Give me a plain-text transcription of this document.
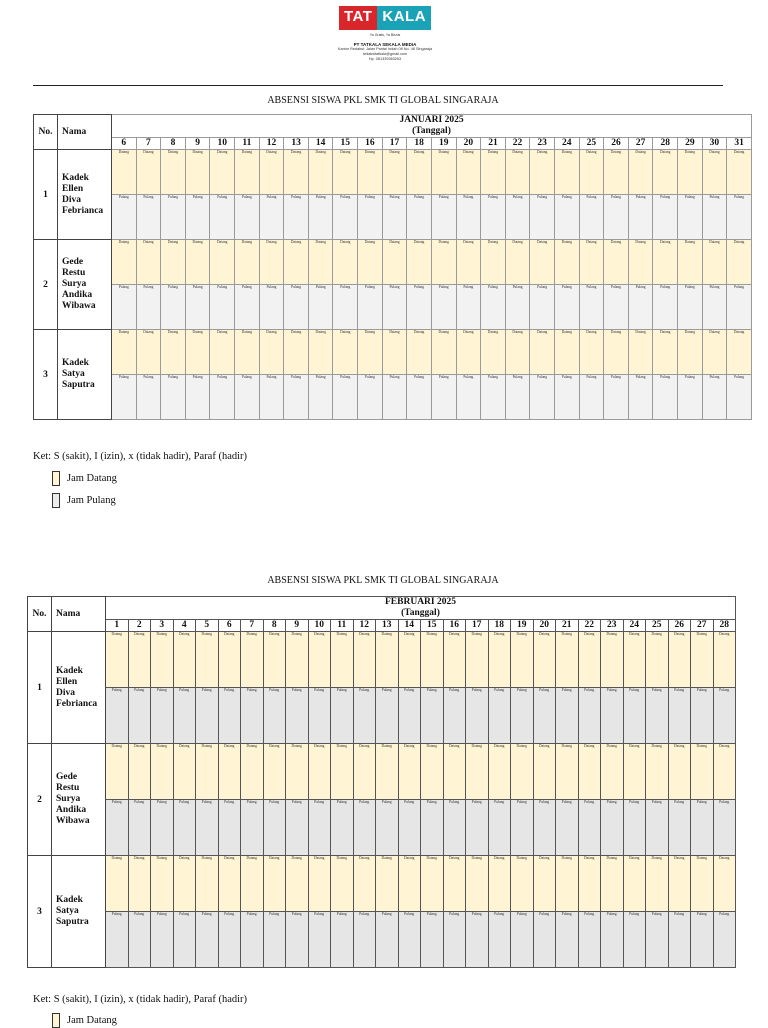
TAT KALA
Ya Gratis, Ya Bisnis
PT TATKALA SEKALA MEDIA
Kantor Redaksi: Jalan Pantai Indah 08 No. 46 Singaraja
redaksitatkala@gmail.com
Hp. 081339363263
ABSENSI SISWA PKL SMK TI GLOBAL SINGARAJA
No.	Nama	JANUARI 2025
(Tanggal)																									

		6	7	8	9	10	11	12	13	14	15	16	17	18	19	20	21	22	23	24	25	26	27	28	29	30	31
1	Kadek
Ellen
Diva
Febrianca	Datang	Datang	Datang	Datang	Datang	Datang	Datang	Datang	Datang	Datang	Datang	Datang	Datang	Datang	Datang	Datang	Datang	Datang	Datang	Datang	Datang	Datang	Datang	Datang	Datang	Datang

		Pulang	Pulang	Pulang	Pulang	Pulang	Pulang	Pulang	Pulang	Pulang	Pulang	Pulang	Pulang	Pulang	Pulang	Pulang	Pulang	Pulang	Pulang	Pulang	Pulang	Pulang	Pulang	Pulang	Pulang	Pulang	Pulang

2	Gede
Restu
Surya
Andika
Wibawa	Datang	Datang	Datang	Datang	Datang	Datang	Datang	Datang	Datang	Datang	Datang	Datang	Datang	Datang	Datang	Datang	Datang	Datang	Datang	Datang	Datang	Datang	Datang	Datang	Datang	Datang

		Pulang	Pulang	Pulang	Pulang	Pulang	Pulang	Pulang	Pulang	Pulang	Pulang	Pulang	Pulang	Pulang	Pulang	Pulang	Pulang	Pulang	Pulang	Pulang	Pulang	Pulang	Pulang	Pulang	Pulang	Pulang	Pulang

3	Kadek
Satya
Saputra	Datang	Datang	Datang	Datang	Datang	Datang	Datang	Datang	Datang	Datang	Datang	Datang	Datang	Datang	Datang	Datang	Datang	Datang	Datang	Datang	Datang	Datang	Datang	Datang	Datang	Datang

		Pulang	Pulang	Pulang	Pulang	Pulang	Pulang	Pulang	Pulang	Pulang	Pulang	Pulang	Pulang	Pulang	Pulang	Pulang	Pulang	Pulang	Pulang	Pulang	Pulang	Pulang	Pulang	Pulang	Pulang	Pulang	Pulang
Ket: S (sakit), I (izin), x (tidak hadir), Paraf (hadir)
Jam Datang
Jam Pulang
ABSENSI SISWA PKL SMK TI GLOBAL SINGARAJA
No.	Nama	FEBRUARI 2025
(Tanggal)																											

		1	2	3	4	5	6	7	8	9	10	11	12	13	14	15	16	17	18	19	20	21	22	23	24	25	26	27	28
1	Kadek
Ellen
Diva
Febrianca	Datang	Datang	Datang	Datang	Datang	Datang	Datang	Datang	Datang	Datang	Datang	Datang	Datang	Datang	Datang	Datang	Datang	Datang	Datang	Datang	Datang	Datang	Datang	Datang	Datang	Datang	Datang	Datang

		Pulang	Pulang	Pulang	Pulang	Pulang	Pulang	Pulang	Pulang	Pulang	Pulang	Pulang	Pulang	Pulang	Pulang	Pulang	Pulang	Pulang	Pulang	Pulang	Pulang	Pulang	Pulang	Pulang	Pulang	Pulang	Pulang	Pulang	Pulang

2	Gede
Restu
Surya
Andika
Wibawa	Datang	Datang	Datang	Datang	Datang	Datang	Datang	Datang	Datang	Datang	Datang	Datang	Datang	Datang	Datang	Datang	Datang	Datang	Datang	Datang	Datang	Datang	Datang	Datang	Datang	Datang	Datang	Datang

		Pulang	Pulang	Pulang	Pulang	Pulang	Pulang	Pulang	Pulang	Pulang	Pulang	Pulang	Pulang	Pulang	Pulang	Pulang	Pulang	Pulang	Pulang	Pulang	Pulang	Pulang	Pulang	Pulang	Pulang	Pulang	Pulang	Pulang	Pulang

3	Kadek
Satya
Saputra	Datang	Datang	Datang	Datang	Datang	Datang	Datang	Datang	Datang	Datang	Datang	Datang	Datang	Datang	Datang	Datang	Datang	Datang	Datang	Datang	Datang	Datang	Datang	Datang	Datang	Datang	Datang	Datang

		Pulang	Pulang	Pulang	Pulang	Pulang	Pulang	Pulang	Pulang	Pulang	Pulang	Pulang	Pulang	Pulang	Pulang	Pulang	Pulang	Pulang	Pulang	Pulang	Pulang	Pulang	Pulang	Pulang	Pulang	Pulang	Pulang	Pulang	Pulang
Ket: S (sakit), I (izin), x (tidak hadir), Paraf (hadir)
Jam Datang
